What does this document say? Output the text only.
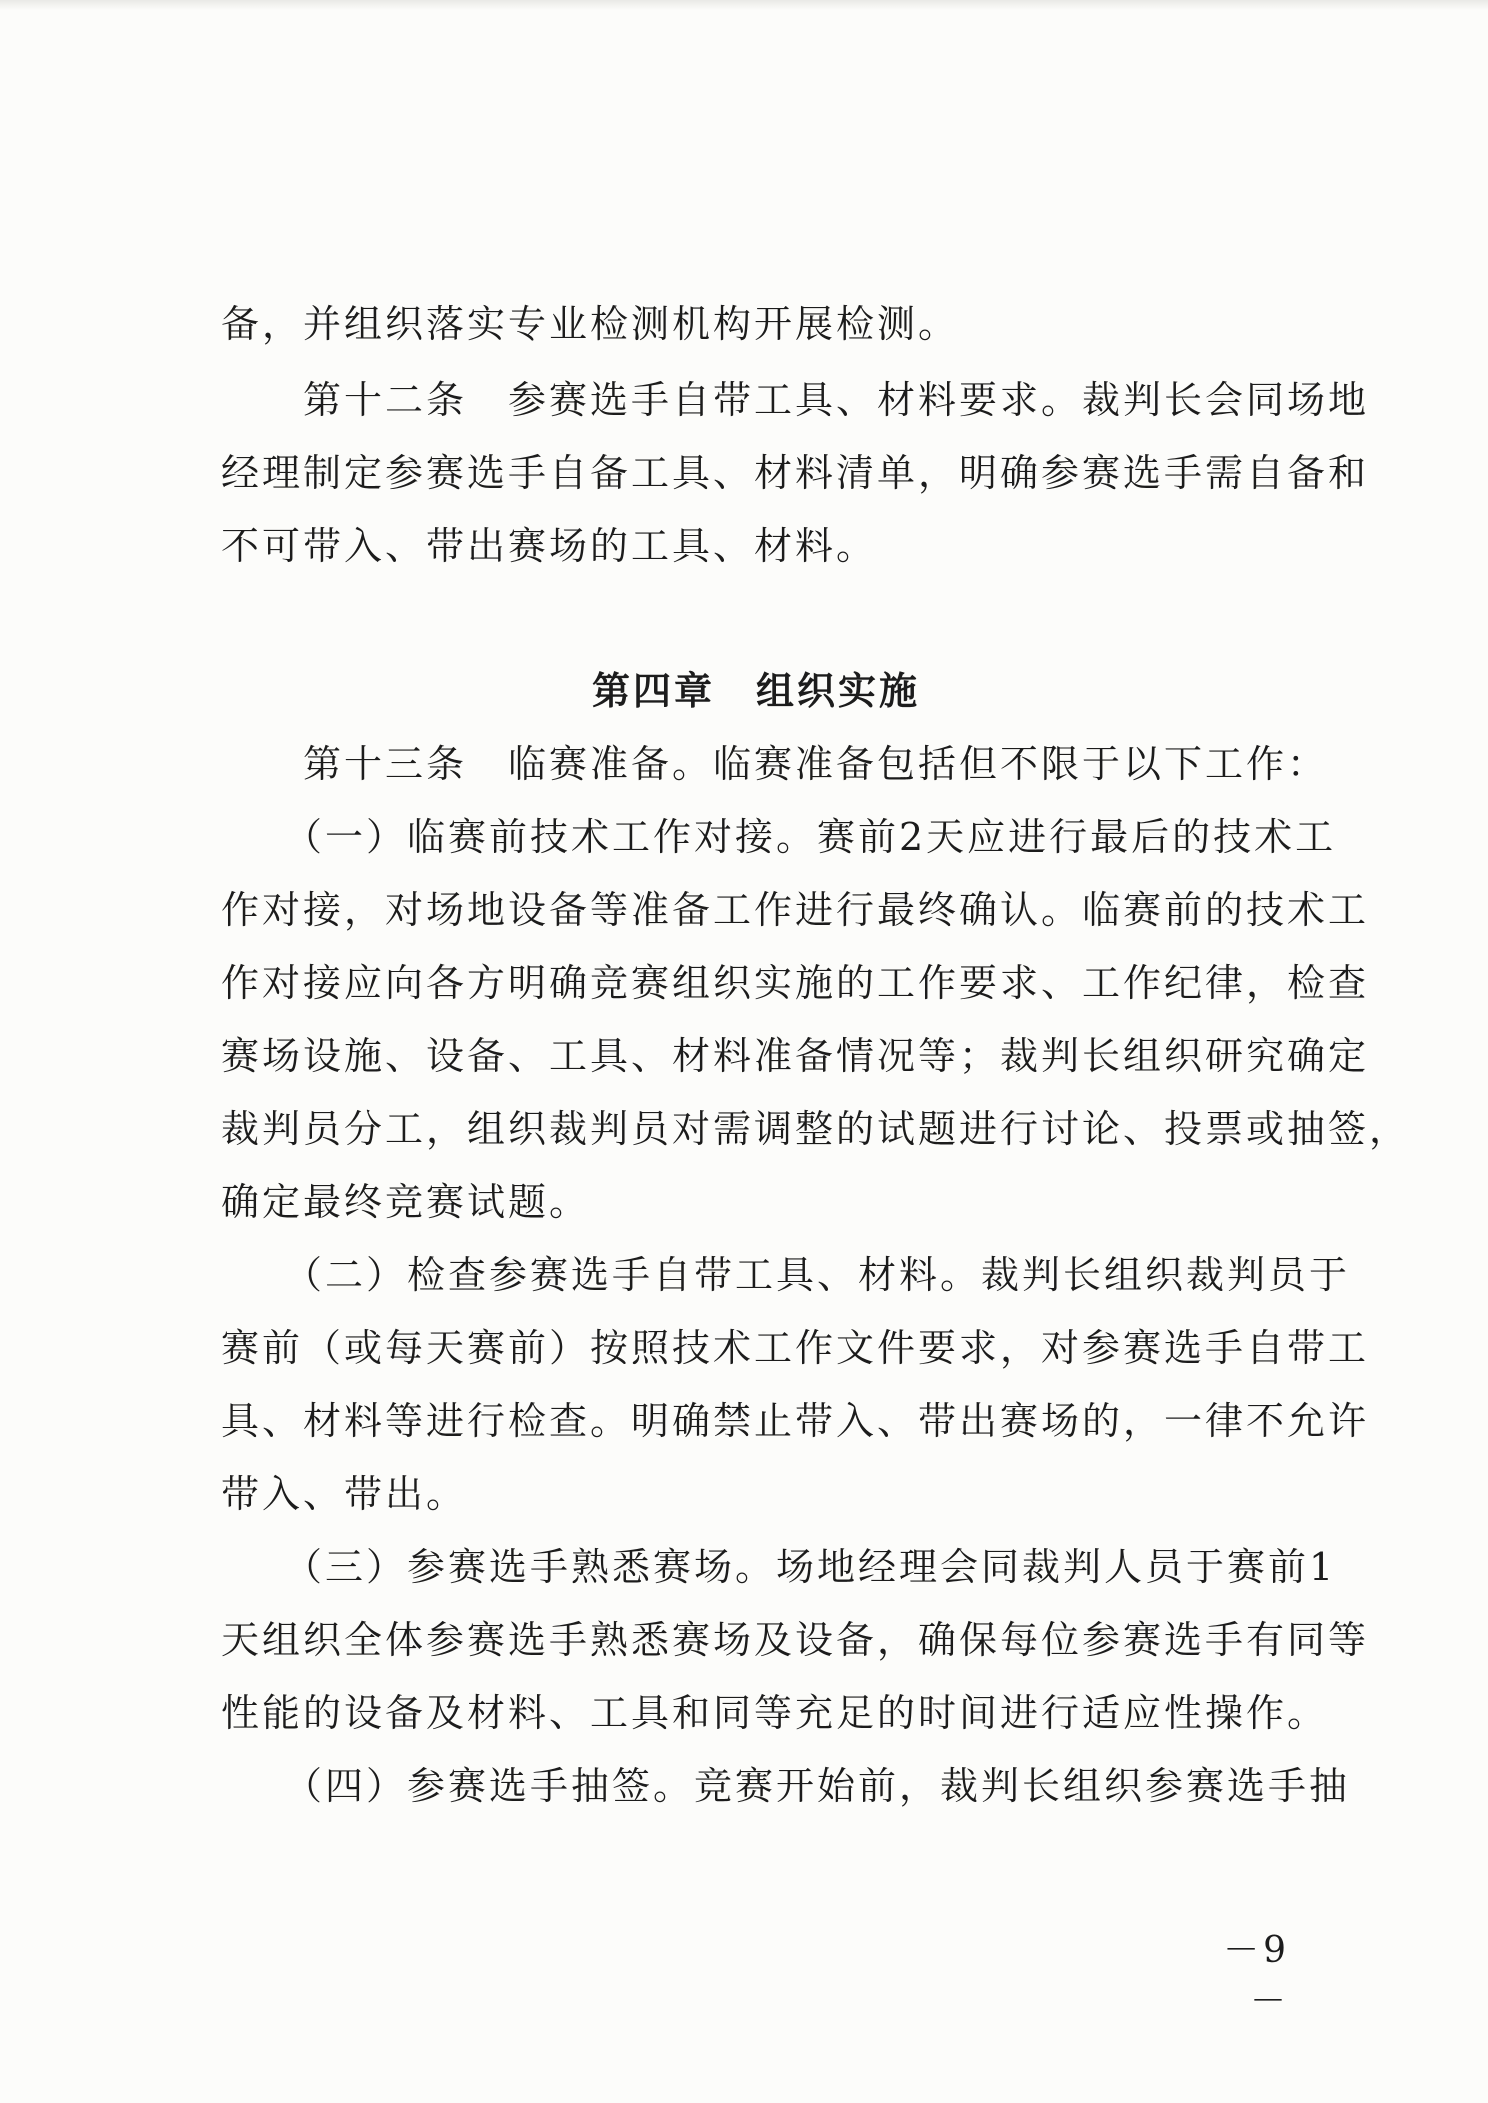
备，并组织落实专业检测机构开展检测。
　　第十二条　参赛选手自带工具、材料要求。裁判长会同场地
经理制定参赛选手自备工具、材料清单，明确参赛选手需自备和
不可带入、带出赛场的工具、材料。
第四章　组织实施
　　第十三条　临赛准备。临赛准备包括但不限于以下工作：
　　（一）临赛前技术工作对接。赛前2天应进行最后的技术工
作对接，对场地设备等准备工作进行最终确认。临赛前的技术工
作对接应向各方明确竞赛组织实施的工作要求、工作纪律，检查
赛场设施、设备、工具、材料准备情况等；裁判长组织研究确定
裁判员分工，组织裁判员对需调整的试题进行讨论、投票或抽签，
确定最终竞赛试题。
　　（二）检查参赛选手自带工具、材料。裁判长组织裁判员于
赛前（或每天赛前）按照技术工作文件要求，对参赛选手自带工
具、材料等进行检查。明确禁止带入、带出赛场的，一律不允许
带入、带出。
　　（三）参赛选手熟悉赛场。场地经理会同裁判人员于赛前1
天组织全体参赛选手熟悉赛场及设备，确保每位参赛选手有同等
性能的设备及材料、工具和同等充足的时间进行适应性操作。
　　（四）参赛选手抽签。竞赛开始前，裁判长组织参赛选手抽
－9－
